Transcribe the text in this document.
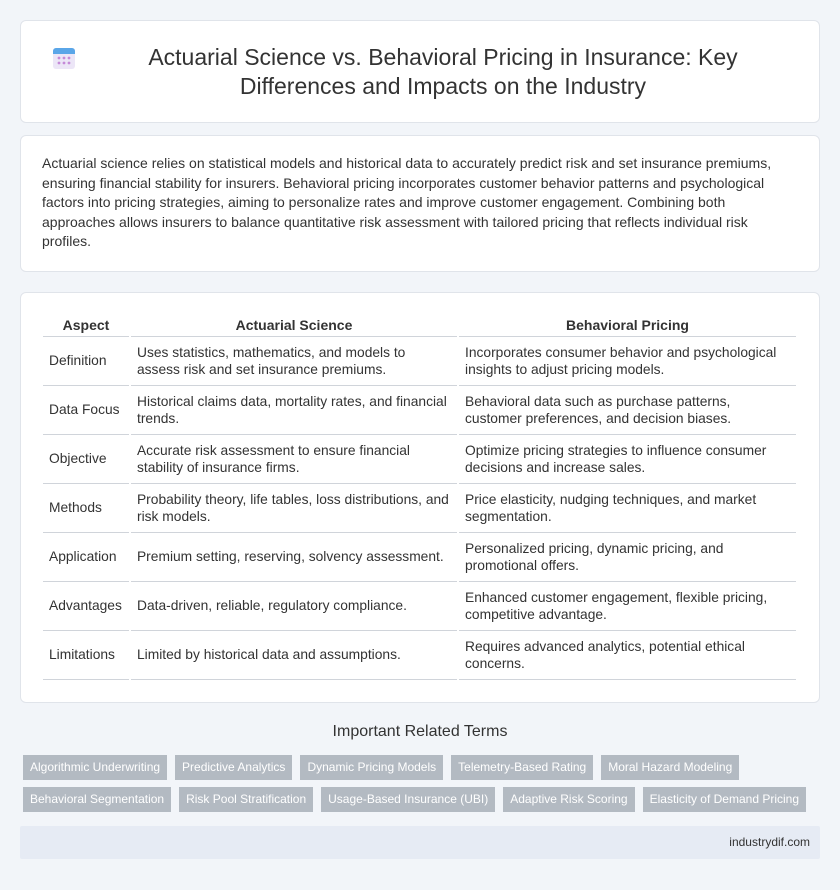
Actuarial Science vs. Behavioral Pricing in Insurance: Key Differences and Impacts on the Industry

Actuarial science relies on statistical models and historical data to accurately predict risk and set insurance premiums, ensuring financial stability for insurers. Behavioral pricing incorporates customer behavior patterns and psychological factors into pricing strategies, aiming to personalize rates and improve customer engagement. Combining both approaches allows insurers to balance quantitative risk assessment with tailored pricing that reflects individual risk profiles.

Aspect	Actuarial Science	Behavioral Pricing
Definition	Uses statistics, mathematics, and models to assess risk and set insurance premiums.	Incorporates consumer behavior and psychological insights to adjust pricing models.
Data Focus	Historical claims data, mortality rates, and financial trends.	Behavioral data such as purchase patterns, customer preferences, and decision biases.
Objective	Accurate risk assessment to ensure financial stability of insurance firms.	Optimize pricing strategies to influence consumer decisions and increase sales.
Methods	Probability theory, life tables, loss distributions, and risk models.	Price elasticity, nudging techniques, and market segmentation.
Application	Premium setting, reserving, solvency assessment.	Personalized pricing, dynamic pricing, and promotional offers.
Advantages	Data-driven, reliable, regulatory compliance.	Enhanced customer engagement, flexible pricing, competitive advantage.
Limitations	Limited by historical data and assumptions.	Requires advanced analytics, potential ethical concerns.
Important Related Terms
Algorithmic Underwriting	Predictive Analytics	Dynamic Pricing Models	Telemetry-Based Rating	Moral Hazard Modeling
Behavioral Segmentation	Risk Pool Stratification	Usage-Based Insurance (UBI)	Adaptive Risk Scoring	Elasticity of Demand Pricing
industrydif.com
